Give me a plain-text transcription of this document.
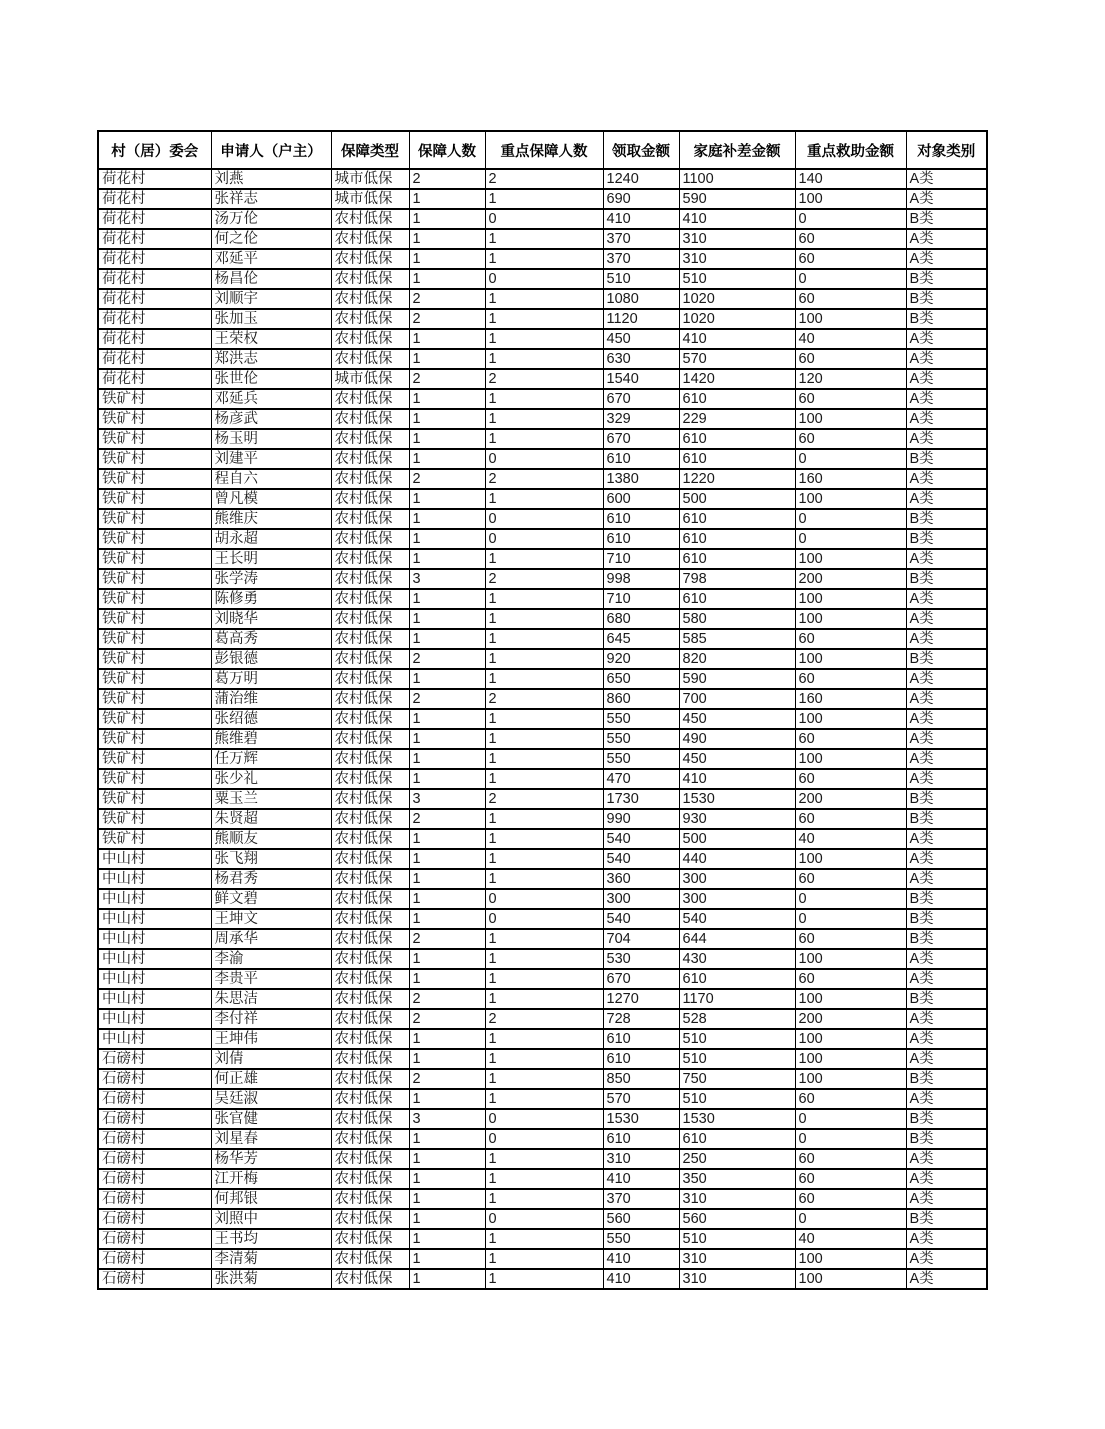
村（居）委会	申请人（户主）	保障类型	保障人数	重点保障人数	领取金额	家庭补差金额	重点救助金额	对象类别
荷花村	刘燕	城市低保	2	2	1240	1100	140	A类
荷花村	张祥志	城市低保	1	1	690	590	100	A类
荷花村	汤万伦	农村低保	1	0	410	410	0	B类
荷花村	何之伦	农村低保	1	1	370	310	60	A类
荷花村	邓延平	农村低保	1	1	370	310	60	A类
荷花村	杨昌伦	农村低保	1	0	510	510	0	B类
荷花村	刘顺宇	农村低保	2	1	1080	1020	60	B类
荷花村	张加玉	农村低保	2	1	1120	1020	100	B类
荷花村	王荣权	农村低保	1	1	450	410	40	A类
荷花村	郑洪志	农村低保	1	1	630	570	60	A类
荷花村	张世伦	城市低保	2	2	1540	1420	120	A类
铁矿村	邓延兵	农村低保	1	1	670	610	60	A类
铁矿村	杨彦武	农村低保	1	1	329	229	100	A类
铁矿村	杨玉明	农村低保	1	1	670	610	60	A类
铁矿村	刘建平	农村低保	1	0	610	610	0	B类
铁矿村	程自六	农村低保	2	2	1380	1220	160	A类
铁矿村	曾凡模	农村低保	1	1	600	500	100	A类
铁矿村	熊维庆	农村低保	1	0	610	610	0	B类
铁矿村	胡永超	农村低保	1	0	610	610	0	B类
铁矿村	王长明	农村低保	1	1	710	610	100	A类
铁矿村	张学涛	农村低保	3	2	998	798	200	B类
铁矿村	陈修勇	农村低保	1	1	710	610	100	A类
铁矿村	刘晓华	农村低保	1	1	680	580	100	A类
铁矿村	葛高秀	农村低保	1	1	645	585	60	A类
铁矿村	彭银德	农村低保	2	1	920	820	100	B类
铁矿村	葛万明	农村低保	1	1	650	590	60	A类
铁矿村	蒲治维	农村低保	2	2	860	700	160	A类
铁矿村	张绍德	农村低保	1	1	550	450	100	A类
铁矿村	熊维碧	农村低保	1	1	550	490	60	A类
铁矿村	任万辉	农村低保	1	1	550	450	100	A类
铁矿村	张少礼	农村低保	1	1	470	410	60	A类
铁矿村	粟玉兰	农村低保	3	2	1730	1530	200	B类
铁矿村	朱贤超	农村低保	2	1	990	930	60	B类
铁矿村	熊顺友	农村低保	1	1	540	500	40	A类
中山村	张飞翔	农村低保	1	1	540	440	100	A类
中山村	杨君秀	农村低保	1	1	360	300	60	A类
中山村	鲜文碧	农村低保	1	0	300	300	0	B类
中山村	王坤文	农村低保	1	0	540	540	0	B类
中山村	周承华	农村低保	2	1	704	644	60	B类
中山村	李渝	农村低保	1	1	530	430	100	A类
中山村	李贵平	农村低保	1	1	670	610	60	A类
中山村	朱思洁	农村低保	2	1	1270	1170	100	B类
中山村	李付祥	农村低保	2	2	728	528	200	A类
中山村	王坤伟	农村低保	1	1	610	510	100	A类
石磅村	刘倩	农村低保	1	1	610	510	100	A类
石磅村	何正雄	农村低保	2	1	850	750	100	B类
石磅村	吴廷淑	农村低保	1	1	570	510	60	A类
石磅村	张官健	农村低保	3	0	1530	1530	0	B类
石磅村	刘星春	农村低保	1	0	610	610	0	B类
石磅村	杨华芳	农村低保	1	1	310	250	60	A类
石磅村	江开梅	农村低保	1	1	410	350	60	A类
石磅村	何邦银	农村低保	1	1	370	310	60	A类
石磅村	刘照中	农村低保	1	0	560	560	0	B类
石磅村	王书均	农村低保	1	1	550	510	40	A类
石磅村	李清菊	农村低保	1	1	410	310	100	A类
石磅村	张洪菊	农村低保	1	1	410	310	100	A类
